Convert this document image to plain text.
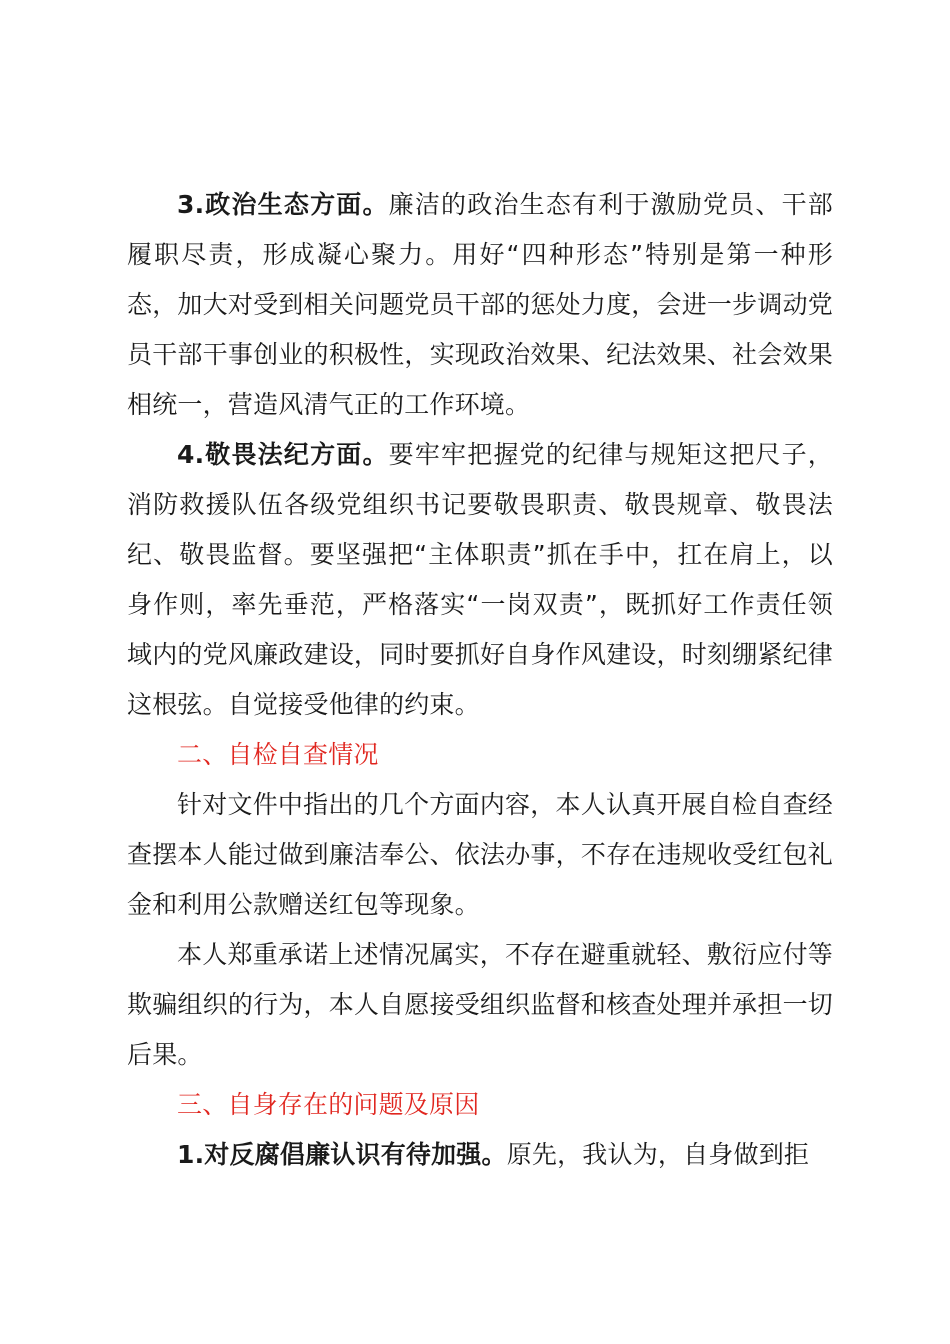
3.政治生态方面。廉洁的政治生态有利于激励党员、干部履职尽责，形成凝心聚力。用好“四种形态”特别是第一种形态，加大对受到相关问题党员干部的惩处力度，会进一步调动党员干部干事创业的积极性，实现政治效果、纪法效果、社会效果相统一，营造风清气正的工作环境。

4.敬畏法纪方面。要牢牢把握党的纪律与规矩这把尺子，消防救援队伍各级党组织书记要敬畏职责、敬畏规章、敬畏法纪、敬畏监督。要坚强把“主体职责”抓在手中，扛在肩上，以身作则，率先垂范，严格落实“一岗双责”，既抓好工作责任领域内的党风廉政建设，同时要抓好自身作风建设，时刻绷紧纪律这根弦。自觉接受他律的约束。

二、自检自查情况

针对文件中指出的几个方面内容，本人认真开展自检自查经查摆本人能过做到廉洁奉公、依法办事，不存在违规收受红包礼金和利用公款赠送红包等现象。

本人郑重承诺上述情况属实，不存在避重就轻、敷衍应付等欺骗组织的行为，本人自愿接受组织监督和核查处理并承担一切后果。

三、自身存在的问题及原因

1.对反腐倡廉认识有待加强。原先，我认为，自身做到拒
